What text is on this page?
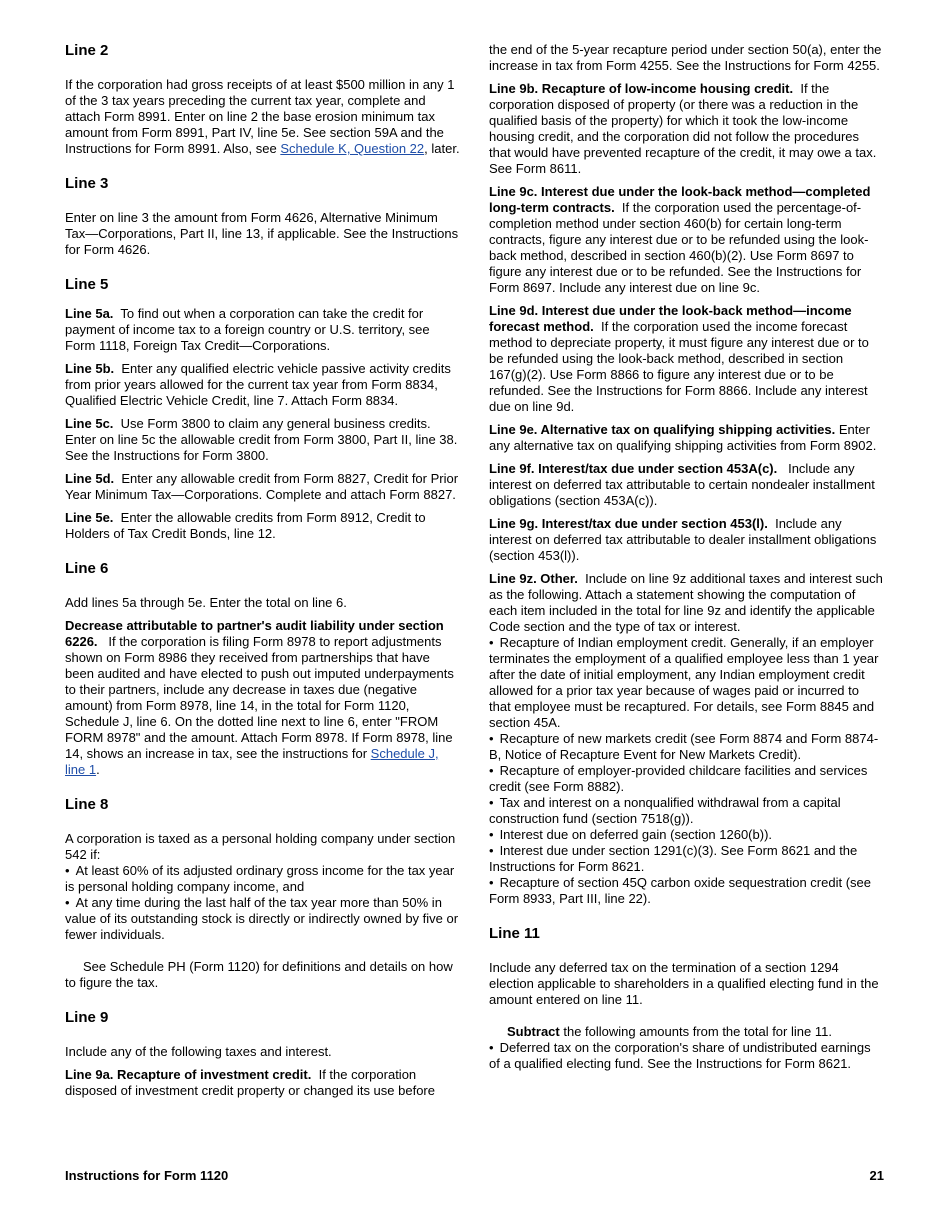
Line 2

If the corporation had gross receipts of at least $500 million in any 1 of the 3 tax years preceding the current tax year, complete and attach Form 8991. Enter on line 2 the base erosion minimum tax amount from Form 8991, Part IV, line 5e. See section 59A and the Instructions for Form 8991. Also, see Schedule K, Question 22, later.

Line 3

Enter on line 3 the amount from Form 4626, Alternative Minimum Tax—Corporations, Part II, line 13, if applicable. See the Instructions for Form 4626.

Line 5

Line 5a. To find out when a corporation can take the credit for payment of income tax to a foreign country or U.S. territory, see Form 1118, Foreign Tax Credit—Corporations.

Line 5b. Enter any qualified electric vehicle passive activity credits from prior years allowed for the current tax year from Form 8834, Qualified Electric Vehicle Credit, line 7. Attach Form 8834.

Line 5c. Use Form 3800 to claim any general business credits. Enter on line 5c the allowable credit from Form 3800, Part II, line 38. See the Instructions for Form 3800.

Line 5d. Enter any allowable credit from Form 8827, Credit for Prior Year Minimum Tax—Corporations. Complete and attach Form 8827.

Line 5e. Enter the allowable credits from Form 8912, Credit to Holders of Tax Credit Bonds, line 12.

Line 6

Add lines 5a through 5e. Enter the total on line 6.

Decrease attributable to partner's audit liability under section 6226. If the corporation is filing Form 8978 to report adjustments shown on Form 8986 they received from partnerships that have been audited and have elected to push out imputed underpayments to their partners, include any decrease in taxes due (negative amount) from Form 8978, line 14, in the total for Form 1120, Schedule J, line 6. On the dotted line next to line 6, enter "FROM FORM 8978" and the amount. Attach Form 8978. If Form 8978, line 14, shows an increase in tax, see the instructions for Schedule J, line 1.

Line 8

A corporation is taxed as a personal holding company under section 542 if:

• At least 60% of its adjusted ordinary gross income for the tax year is personal holding company income, and

• At any time during the last half of the tax year more than 50% in value of its outstanding stock is directly or indirectly owned by five or fewer individuals.

See Schedule PH (Form 1120) for definitions and details on how to figure the tax.

Line 9

Include any of the following taxes and interest.

Line 9a. Recapture of investment credit. If the corporation disposed of investment credit property or changed its use before

the end of the 5-year recapture period under section 50(a), enter the increase in tax from Form 4255. See the Instructions for Form 4255.

Line 9b. Recapture of low-income housing credit. If the corporation disposed of property (or there was a reduction in the qualified basis of the property) for which it took the low-income housing credit, and the corporation did not follow the procedures that would have prevented recapture of the credit, it may owe a tax. See Form 8611.

Line 9c. Interest due under the look-back method—completed long-term contracts. If the corporation used the percentage-of-completion method under section 460(b) for certain long-term contracts, figure any interest due or to be refunded using the look-back method, described in section 460(b)(2). Use Form 8697 to figure any interest due or to be refunded. See the Instructions for Form 8697. Include any interest due on line 9c.

Line 9d. Interest due under the look-back method—income forecast method. If the corporation used the income forecast method to depreciate property, it must figure any interest due or to be refunded using the look-back method, described in section 167(g)(2). Use Form 8866 to figure any interest due or to be refunded. See the Instructions for Form 8866. Include any interest due on line 9d.

Line 9e. Alternative tax on qualifying shipping activities. Enter any alternative tax on qualifying shipping activities from Form 8902.

Line 9f. Interest/tax due under section 453A(c). Include any interest on deferred tax attributable to certain nondealer installment obligations (section 453A(c)).

Line 9g. Interest/tax due under section 453(l). Include any interest on deferred tax attributable to dealer installment obligations (section 453(l)).

Line 9z. Other. Include on line 9z additional taxes and interest such as the following. Attach a statement showing the computation of each item included in the total for line 9z and identify the applicable Code section and the type of tax or interest.

• Recapture of Indian employment credit. Generally, if an employer terminates the employment of a qualified employee less than 1 year after the date of initial employment, any Indian employment credit allowed for a prior tax year because of wages paid or incurred to that employee must be recaptured. For details, see Form 8845 and section 45A.

• Recapture of new markets credit (see Form 8874 and Form 8874-B, Notice of Recapture Event for New Markets Credit).

• Recapture of employer-provided childcare facilities and services credit (see Form 8882).

• Tax and interest on a nonqualified withdrawal from a capital construction fund (section 7518(g)).

• Interest due on deferred gain (section 1260(b)).

• Interest due under section 1291(c)(3). See Form 8621 and the Instructions for Form 8621.

• Recapture of section 45Q carbon oxide sequestration credit (see Form 8933, Part III, line 22).

Line 11

Include any deferred tax on the termination of a section 1294 election applicable to shareholders in a qualified electing fund in the amount entered on line 11.

Subtract the following amounts from the total for line 11.

• Deferred tax on the corporation's share of undistributed earnings of a qualified electing fund. See the Instructions for Form 8621.

Instructions for Form 1120	21
